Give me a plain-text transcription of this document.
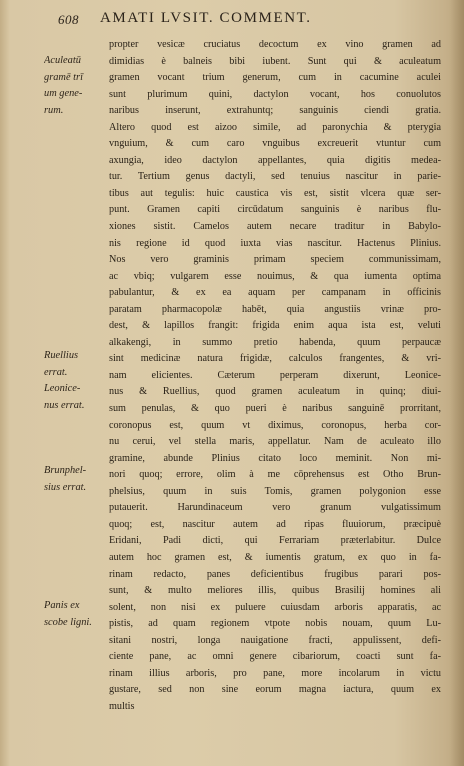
608 AMATI LVSIT. COMMENT.
Aculeatū
gramē trī
um gene-
rum.
Ruellius
errat.
Leonice-
nus errat.
Brunphel-
sius errat.
Panis ex
scobe ligni.
propter vesicæ cruciatus decoctum ex vino gramen ad
dimidias è balneis bibi iubent. Sunt qui & aculeatum
gramen vocant trium generum, cum in cacumine aculei
sunt plurimum quini, dactylon vocant, hos conuolutos
naribus inserunt, extrahuntq; sanguinis ciendi gratia.
Altero quod est aizoo simile, ad paronychia & pterygia
vnguium, & cum caro vnguibus excreuerit vtuntur cum
axungia, ideo dactylon appellantes, quia digitis medea-
tur. Tertium genus dactyli, sed tenuius nascitur in parie-
tibus aut tegulis: huic caustica vis est, sistit vlcera quæ ser-
punt. Gramen capiti circūdatum sanguinis è naribus flu-
xiones sistit. Camelos autem necare traditur in Babylo-
nis regione id quod iuxta vias nascitur. Hactenus Plinius.
Nos vero graminis primam speciem communissimam,
ac vbiq; vulgarem esse nouimus, & qua iumenta optima
pabulantur, & ex ea aquam per campanam in officinis
paratam pharmacopolæ habēt, quia angustiis vrinæ pro-
dest, & lapillos frangit: frigida enim aqua ista est, veluti
alkakengi, in summo pretio habenda, quum perpaucæ
sint medicinæ natura frigidæ, calculos frangentes, & vri-
nam elicientes. Cæterum perperam dixerunt, Leonice-
nus & Ruellius, quod gramen aculeatum in quinq; diui-
sum penulas, & quo pueri è naribus sanguinē prorritant,
coronopus est, quum vt diximus, coronopus, herba cor-
nu cerui, vel stella maris, appellatur. Nam de aculeato illo
gramine, abunde Plinius citato loco meminit. Non mi-
nori quoq; errore, olim à me cōprehensus est Otho Brun-
phelsius, quum in suis Tomis, gramen polygonion esse
putauerit. Harundinaceum vero granum vulgatissimum
quoq; est, nascitur autem ad ripas fluuiorum, præcipuè
Eridani, Padi dicti, qui Ferrariam præterlabitur. Dulce
autem hoc gramen est, & iumentis gratum, ex quo in fa-
rinam redacto, panes deficientibus frugibus parari pos-
sunt, & multo meliores illis, quibus Brasilij homines ali
solent, non nisi ex puluere cuiusdam arboris apparatis, ac
pistis, ad quam regionem vtpote nobis nouam, quum Lu-
sitani nostri, longa nauigatione fracti, appulissent, defi-
ciente pane, ac omni genere cibariorum, coacti sunt fa-
rinam illius arboris, pro pane, more incolarum in victu
gustare, sed non sine eorum magna iactura, quum ex
multis
